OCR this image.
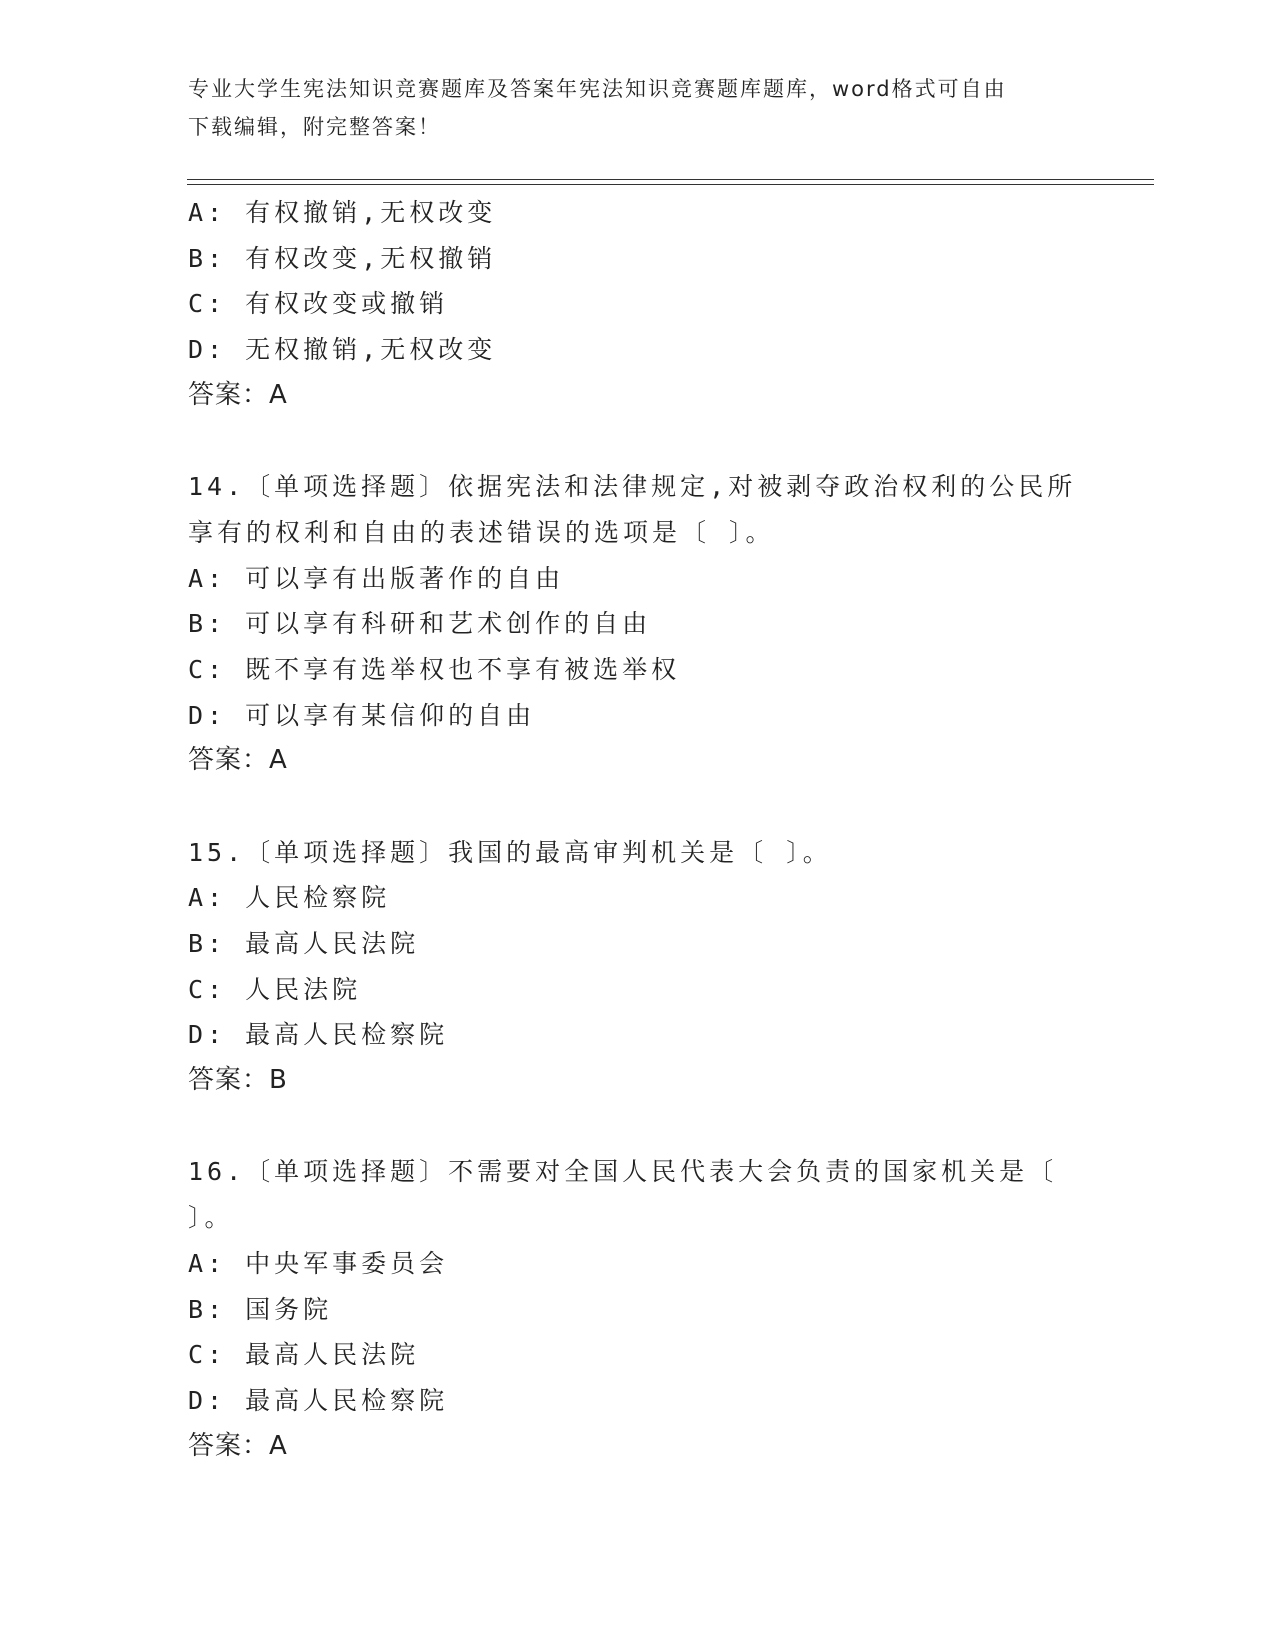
专业大学生宪法知识竞赛题库及答案年宪法知识竞赛题库题库，word格式可自由
下载编辑，附完整答案！
A: 有权撤销,无权改变
B: 有权改变,无权撤销
C: 有权改变或撤销
D: 无权撤销,无权改变
答案：A
14.〔单项选择题〕依据宪法和法律规定,对被剥夺政治权利的公民所
享有的权利和自由的表述错误的选项是〔 〕。
A: 可以享有出版著作的自由
B: 可以享有科研和艺术创作的自由
C: 既不享有选举权也不享有被选举权
D: 可以享有某信仰的自由
答案：A
15.〔单项选择题〕我国的最高审判机关是〔 〕。
A: 人民检察院
B: 最高人民法院
C: 人民法院
D: 最高人民检察院
答案：B
16.〔单项选择题〕不需要对全国人民代表大会负责的国家机关是〔
〕。
A: 中央军事委员会
B: 国务院
C: 最高人民法院
D: 最高人民检察院
答案：A
